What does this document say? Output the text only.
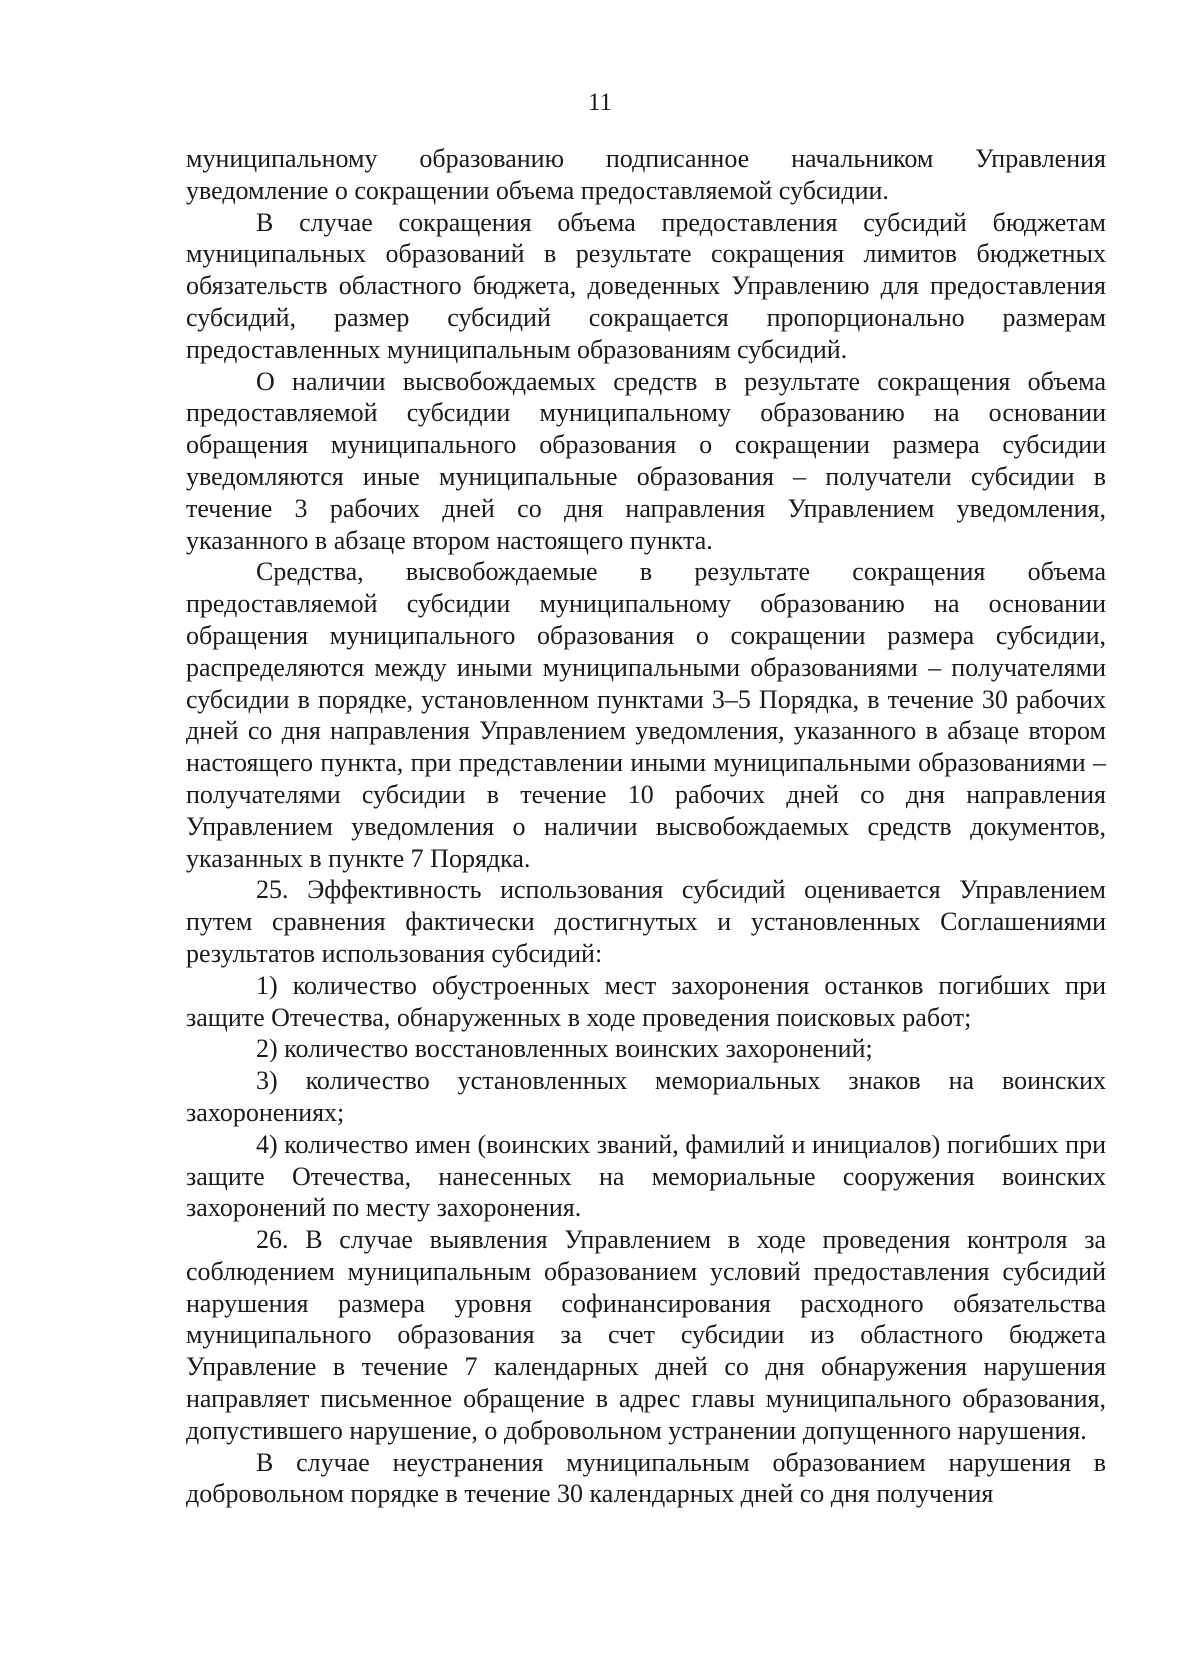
11

муниципальному образованию подписанное начальником Управления уведомление о сокращении объема предоставляемой субсидии.

В случае сокращения объема предоставления субсидий бюджетам муниципальных образований в результате сокращения лимитов бюджетных обязательств областного бюджета, доведенных Управлению для предоставления субсидий, размер субсидий сокращается пропорционально размерам предоставленных муниципальным образованиям субсидий.

О наличии высвобождаемых средств в результате сокращения объема предоставляемой субсидии муниципальному образованию на основании обращения муниципального образования о сокращении размера субсидии уведомляются иные муниципальные образования – получатели субсидии в течение 3 рабочих дней со дня направления Управлением уведомления, указанного в абзаце втором настоящего пункта.

Средства, высвобождаемые в результате сокращения объема предоставляемой субсидии муниципальному образованию на основании обращения муниципального образования о сокращении размера субсидии, распределяются между иными муниципальными образованиями – получателями субсидии в порядке, установленном пунктами 3–5 Порядка, в течение 30 рабочих дней со дня направления Управлением уведомления, указанного в абзаце втором настоящего пункта, при представлении иными муниципальными образованиями – получателями субсидии в течение 10 рабочих дней со дня направления Управлением уведомления о наличии высвобождаемых средств документов, указанных в пункте 7 Порядка.

25. Эффективность использования субсидий оценивается Управлением путем сравнения фактически достигнутых и установленных Соглашениями результатов использования субсидий:

1) количество обустроенных мест захоронения останков погибших при защите Отечества, обнаруженных в ходе проведения поисковых работ;

2) количество восстановленных воинских захоронений;

3) количество установленных мемориальных знаков на воинских захоронениях;

4) количество имен (воинских званий, фамилий и инициалов) погибших при защите Отечества, нанесенных на мемориальные сооружения воинских захоронений по месту захоронения.

26. В случае выявления Управлением в ходе проведения контроля за соблюдением муниципальным образованием условий предоставления субсидий нарушения размера уровня софинансирования расходного обязательства муниципального образования за счет субсидии из областного бюджета Управление в течение 7 календарных дней со дня обнаружения нарушения направляет письменное обращение в адрес главы муниципального образования, допустившего нарушение, о добровольном устранении допущенного нарушения.

В случае неустранения муниципальным образованием нарушения в добровольном порядке в течение 30 календарных дней со дня получения
